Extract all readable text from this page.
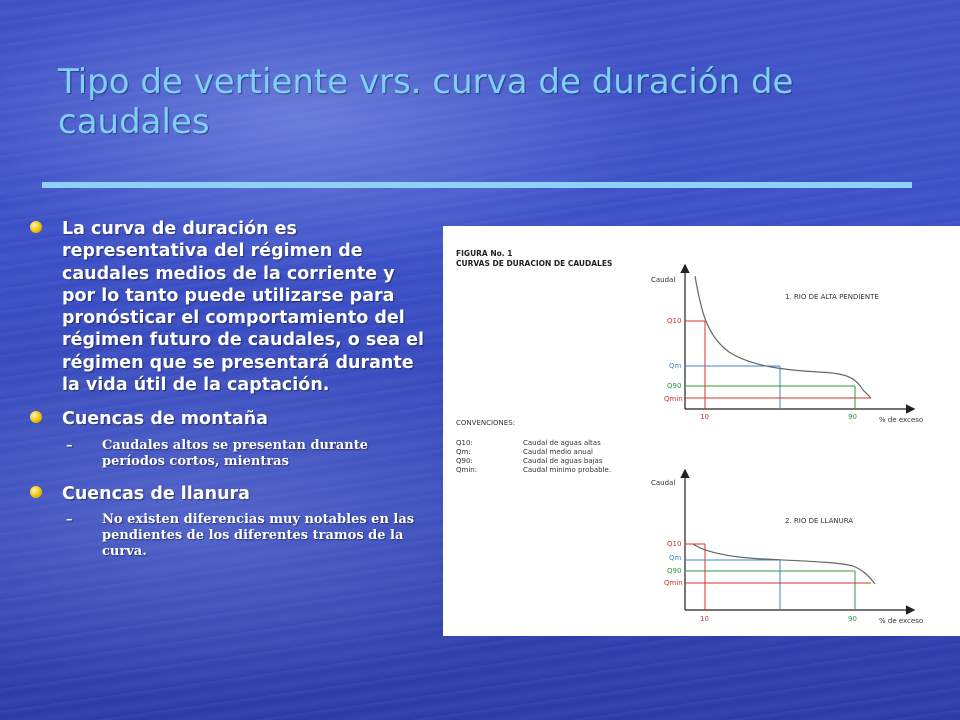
Tipo de vertiente vrs. curva de duración de caudales
La curva de duración es representativa del régimen de caudales medios de la corriente y por lo tanto puede utilizarse para pronósticar el comportamiento del régimen futuro de caudales, o sea el régimen que se presentará durante la vida útil de la captación.
Cuencas de montaña
– Caudales altos se presentan durante períodos cortos, mientras
Cuencas de llanura
– No existen diferencias muy notables en las pendientes de los diferentes tramos de la curva.
FIGURA No. 1
CURVAS DE DURACION DE CAUDALES
Caudal
1. RIO DE ALTA PENDIENTE
Q10
Qm
Q90
Qmin
10	90	% de exceso
CONVENCIONES:
Q10:	Caudal de aguas altas
Qm:	Caudal medio anual
Q90:	Caudal de aguas bajas
Qmin:	Caudal mínimo probable.
Caudal
2. RIO DE LLANURA
Q10
Qm
Q90
Qmin
10	90	% de exceso
